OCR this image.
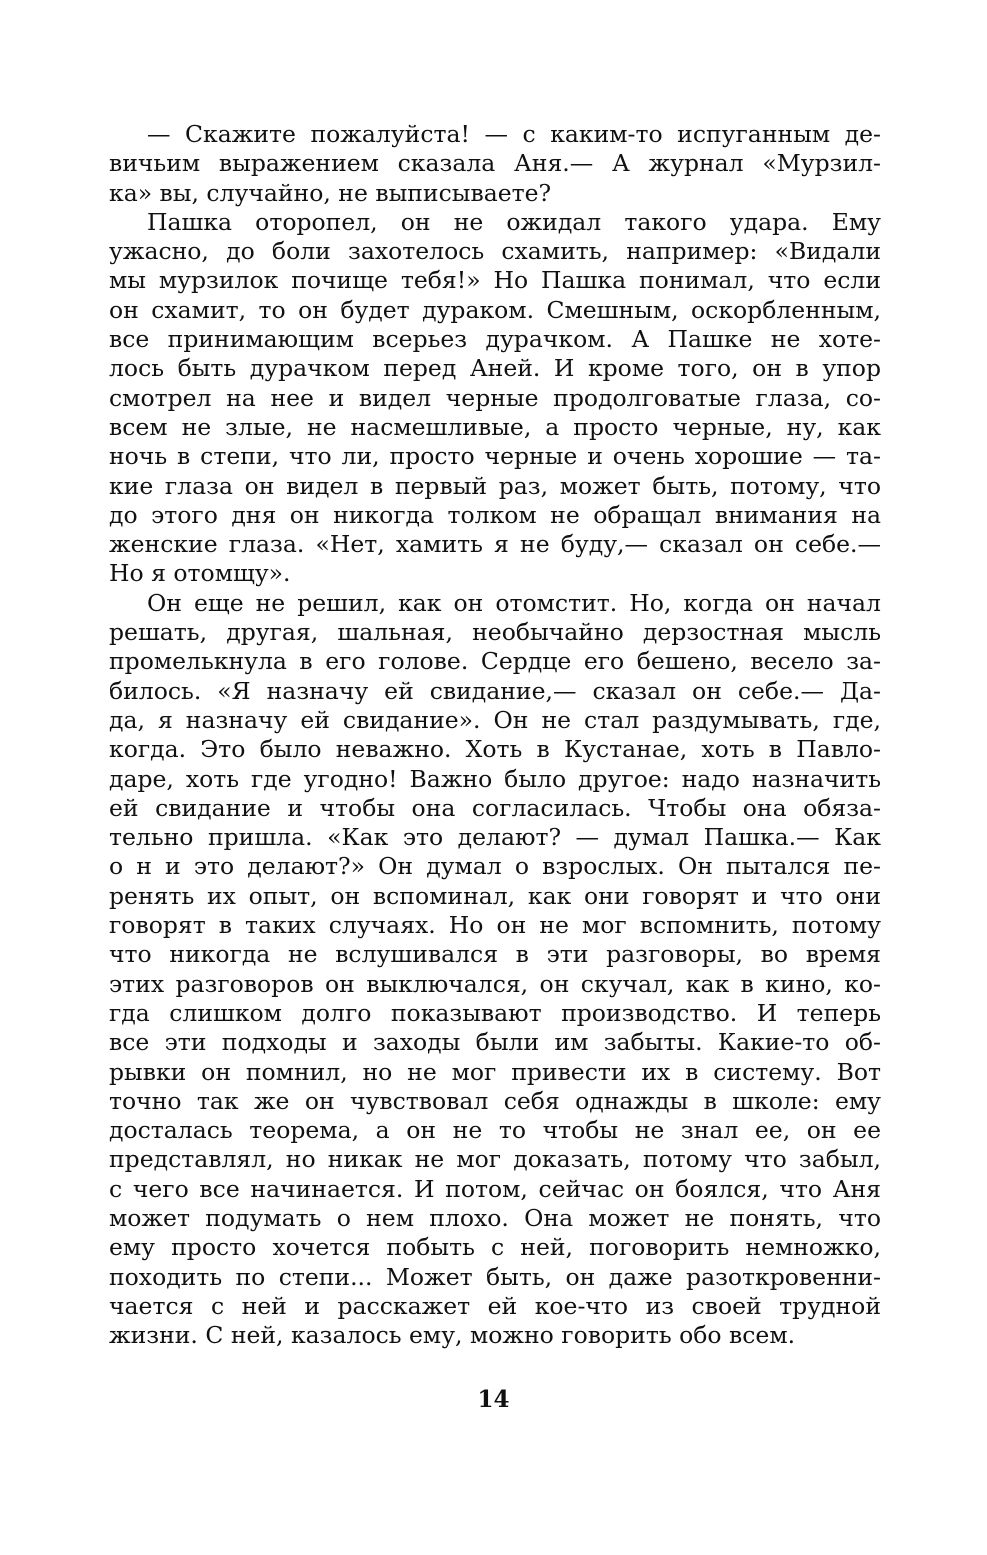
— Скажите пожалуйста! — с каким-то испуганным де-
вичьим выражением сказала Аня.— А журнал «Мурзил-
ка» вы, случайно, не выписываете?
Пашка оторопел, он не ожидал такого удара. Ему
ужасно, до боли захотелось схамить, например: «Видали
мы мурзилок почище тебя!» Но Пашка понимал, что если
он схамит, то он будет дураком. Смешным, оскорбленным,
все принимающим всерьез дурачком. А Пашке не хоте-
лось быть дурачком перед Аней. И кроме того, он в упор
смотрел на нее и видел черные продолговатые глаза, со-
всем не злые, не насмешливые, а просто черные, ну, как
ночь в степи, что ли, просто черные и очень хорошие — та-
кие глаза он видел в первый раз, может быть, потому, что
до этого дня он никогда толком не обращал внимания на
женские глаза. «Нет, хамить я не буду,— сказал он себе.—
Но я отомщу».
Он еще не решил, как он отомстит. Но, когда он начал
решать, другая, шальная, необычайно дерзостная мысль
промелькнула в его голове. Сердце его бешено, весело за-
билось. «Я назначу ей свидание,— сказал он себе.— Да-
да, я назначу ей свидание». Он не стал раздумывать, где,
когда. Это было неважно. Хоть в Кустанае, хоть в Павло-
даре, хоть где угодно! Важно было другое: надо назначить
ей свидание и чтобы она согласилась. Чтобы она обяза-
тельно пришла. «Как это делают? — думал Пашка.— Как
о н и это делают?» Он думал о взрослых. Он пытался пе-
ренять их опыт, он вспоминал, как они говорят и что они
говорят в таких случаях. Но он не мог вспомнить, потому
что никогда не вслушивался в эти разговоры, во время
этих разговоров он выключался, он скучал, как в кино, ко-
гда слишком долго показывают производство. И теперь
все эти подходы и заходы были им забыты. Какие-то об-
рывки он помнил, но не мог привести их в систему. Вот
точно так же он чувствовал себя однажды в школе: ему
досталась теорема, а он не то чтобы не знал ее, он ее
представлял, но никак не мог доказать, потому что забыл,
с чего все начинается. И потом, сейчас он боялся, что Аня
может подумать о нем плохо. Она может не понять, что
ему просто хочется побыть с ней, поговорить немножко,
походить по степи... Может быть, он даже разоткровенни-
чается с ней и расскажет ей кое-что из своей трудной
жизни. С ней, казалось ему, можно говорить обо всем.
14
